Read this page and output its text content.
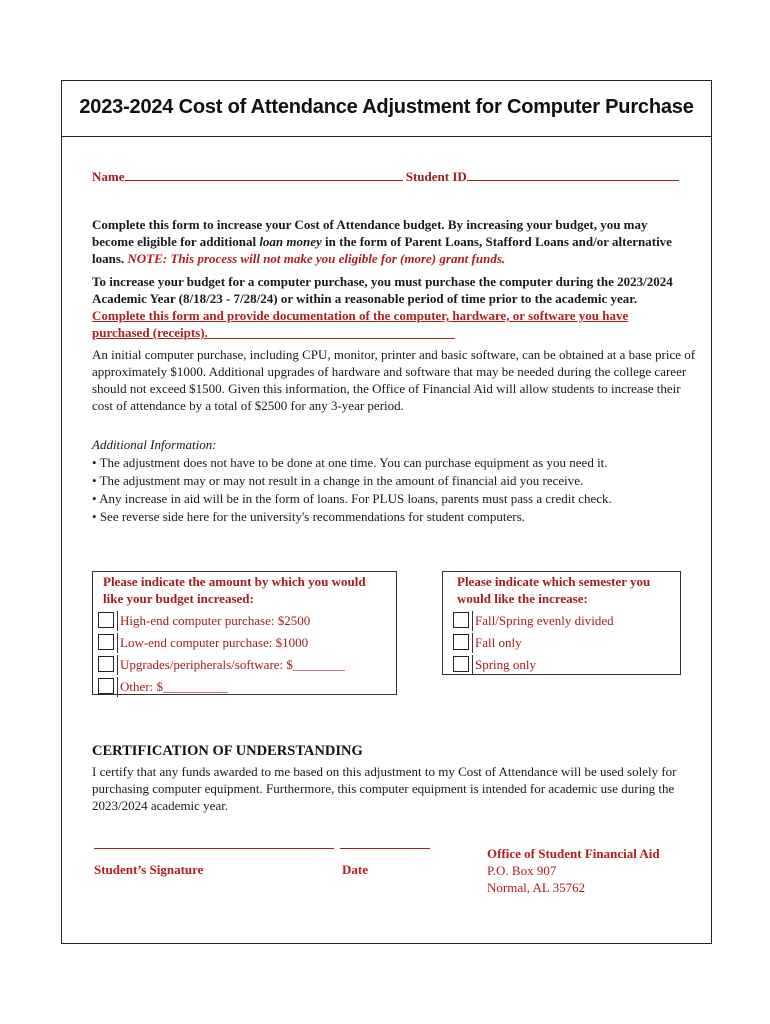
2023-2024 Cost of Attendance Adjustment for Computer Purchase
Name	Student ID
Complete this form to increase your Cost of Attendance budget. By increasing your budget, you may become eligible for additional loan money in the form of Parent Loans, Stafford Loans and/or alternative loans. NOTE: This process will not make you eligible for (more) grant funds.
To increase your budget for a computer purchase, you must purchase the computer during the 2023/2024 Academic Year (8/18/23 - 7/28/24) or within a reasonable period of time prior to the academic year. Complete this form and provide documentation of the computer, hardware, or software you have purchased (receipts).
An initial computer purchase, including CPU, monitor, printer and basic software, can be obtained at a base price of approximately $1000. Additional upgrades of hardware and software that may be needed during the college career should not exceed $1500. Given this information, the Office of Financial Aid will allow students to increase their cost of attendance by a total of $2500 for any 3-year period.
Additional Information:
• The adjustment does not have to be done at one time. You can purchase equipment as you need it.
• The adjustment may or may not result in a change in the amount of financial aid you receive.
• Any increase in aid will be in the form of loans. For PLUS loans, parents must pass a credit check.
• See reverse side here for the university's recommendations for student computers.
Please indicate the amount by which you would like your budget increased:
High-end computer purchase: $2500
Low-end computer purchase: $1000
Upgrades/peripherals/software: $________
Other: $__________
Please indicate which semester you would like the increase:
Fall/Spring evenly divided
Fall only
Spring only
CERTIFICATION OF UNDERSTANDING
I certify that any funds awarded to me based on this adjustment to my Cost of Attendance will be used solely for purchasing computer equipment. Furthermore, this computer equipment is intended for academic use during the 2023/2024 academic year.
Student’s Signature	Date
Office of Student Financial Aid
P.O. Box 907
Normal, AL 35762
